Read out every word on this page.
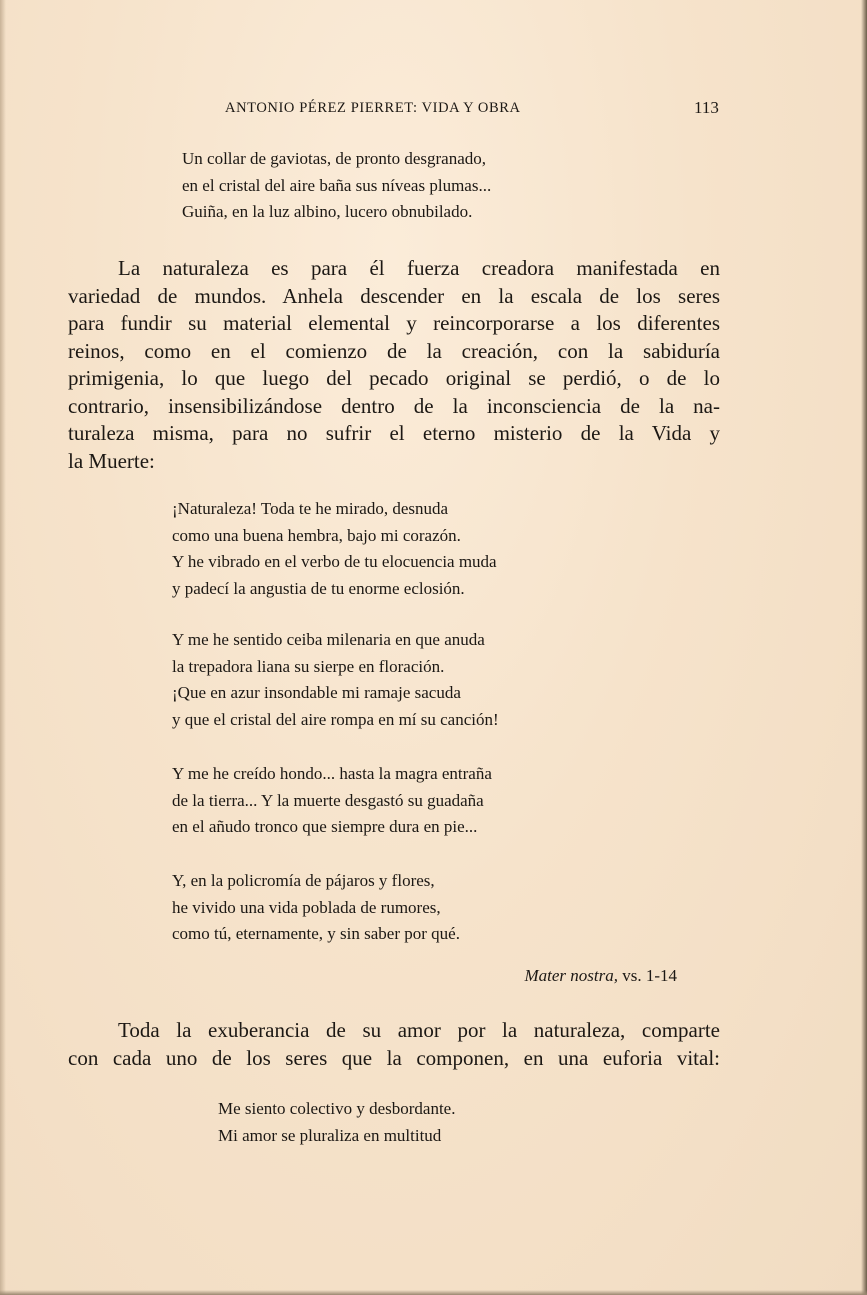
ANTONIO PÉREZ PIERRET: VIDA Y OBRA	113
Un collar de gaviotas, de pronto desgranado,
en el cristal del aire baña sus níveas plumas...
Guiña, en la luz albino, lucero obnubilado.
La naturaleza es para él fuerza creadora manifestada en
variedad de mundos. Anhela descender en la escala de los seres
para fundir su material elemental y reincorporarse a los diferentes
reinos, como en el comienzo de la creación, con la sabiduría
primigenia, lo que luego del pecado original se perdió, o de lo
contrario, insensibilizándose dentro de la inconsciencia de la na-
turaleza misma, para no sufrir el eterno misterio de la Vida y
la Muerte:
¡Naturaleza! Toda te he mirado, desnuda
como una buena hembra, bajo mi corazón.
Y he vibrado en el verbo de tu elocuencia muda
y padecí la angustia de tu enorme eclosión.
Y me he sentido ceiba milenaria en que anuda
la trepadora liana su sierpe en floración.
¡Que en azur insondable mi ramaje sacuda
y que el cristal del aire rompa en mí su canción!
Y me he creído hondo... hasta la magra entraña
de la tierra... Y la muerte desgastó su guadaña
en el añudo tronco que siempre dura en pie...
Y, en la policromía de pájaros y flores,
he vivido una vida poblada de rumores,
como tú, eternamente, y sin saber por qué.
Mater nostra, vs. 1-14
Toda la exuberancia de su amor por la naturaleza, comparte
con cada uno de los seres que la componen, en una euforia vital:
Me siento colectivo y desbordante.
Mi amor se pluraliza en multitud
